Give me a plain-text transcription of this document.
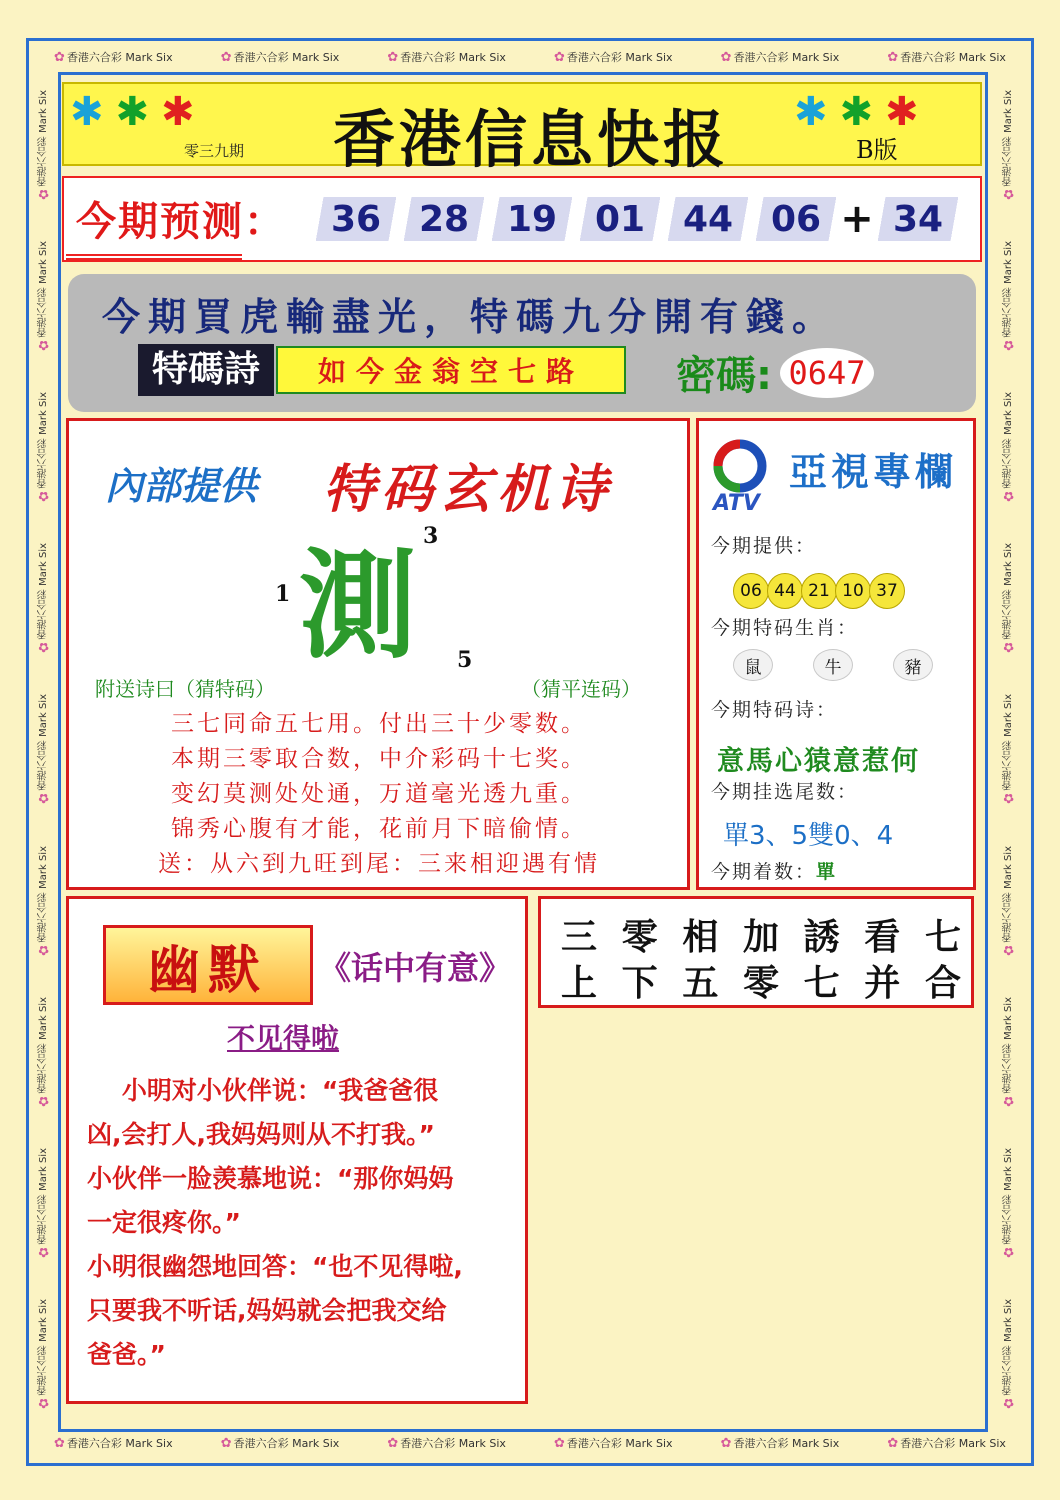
✿ 香港六合彩 Mark Six	✿ 香港六合彩 Mark Six	✿ 香港六合彩 Mark Six	✿ 香港六合彩 Mark Six	✿ 香港六合彩 Mark Six	✿ 香港六合彩 Mark Six
✿ 香港六合彩 Mark Six	✿ 香港六合彩 Mark Six	✿ 香港六合彩 Mark Six	✿ 香港六合彩 Mark Six	✿ 香港六合彩 Mark Six	✿ 香港六合彩 Mark Six
✿香港六合彩 Mark Six
✿香港六合彩 Mark Six
✿香港六合彩 Mark Six
✿香港六合彩 Mark Six
✿香港六合彩 Mark Six
✿香港六合彩 Mark Six
✿香港六合彩 Mark Six
✿香港六合彩 Mark Six
✿香港六合彩 Mark Six
✿香港六合彩 Mark Six
✿香港六合彩 Mark Six
✿香港六合彩 Mark Six
✿香港六合彩 Mark Six
✿香港六合彩 Mark Six
✿香港六合彩 Mark Six
✿香港六合彩 Mark Six
✿香港六合彩 Mark Six
✿香港六合彩 Mark Six
✱ ✱ ✱
零三九期	香港信息快报	B版
✱ ✱ ✱
今期预测：	36	28	19	01	44	06 + 34
今期買虎輸盡光，特碼九分開有錢。
特碼詩	如今金翁空七路	密碼: 0647
內部提供 特码玄机诗
測
1
3
5
附送诗曰（猜特码）	（猜平连码）
三七同命五七用。付出三十少零数。
本期三零取合数，中介彩码十七奖。
变幻莫测处处通，万道毫光透九重。
锦秀心腹有才能，花前月下暗偷情。
送：从六到九旺到尾：三来相迎遇有情
ATV
亞視專欄
今期提供：
06 44 21 10 37
今期特码生肖：
鼠	牛	豬
今期特码诗：
意馬心猿意惹何
今期挂选尾数：
單3、5雙0、4
今期着数：單
幽默	《话中有意》
不见得啦
小明对小伙伴说：“我爸爸很
凶,会打人,我妈妈则从不打我。”
小伙伴一脸羡慕地说：“那你妈妈
一定很疼你。”
小明很幽怨地回答：“也不见得啦,
只要我不听话,妈妈就会把我交给
爸爸。”
三 零 相 加 誘 看 七
上 下 五 零 七 并 合
